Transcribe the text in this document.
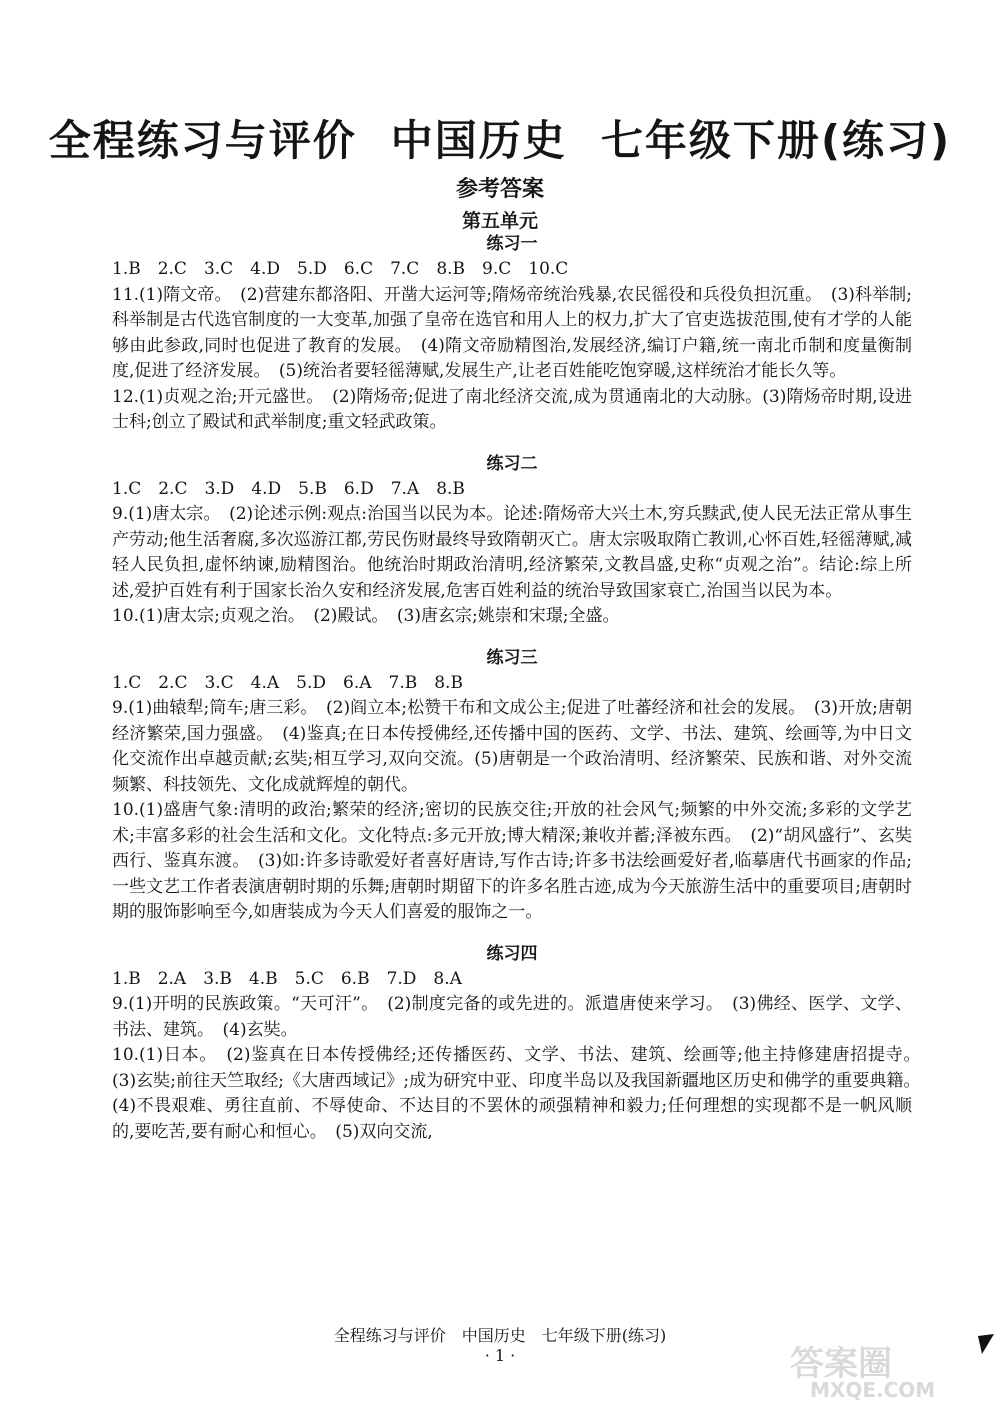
全程练习与评价 中国历史 七年级下册(练习)
参考答案
第五单元

练习一

1.B　2.C　3.C　4.D　5.D　6.C　7.C　8.B　9.C　10.C

11.(1)隋文帝。　(2)营建东都洛阳、开凿大运河等;隋炀帝统治残暴,农民徭役和兵役负担沉重。　(3)科举制;科举制是古代选官制度的一大变革,加强了皇帝在选官和用人上的权力,扩大了官吏选拔范围,使有才学的人能够由此参政,同时也促进了教育的发展。　(4)隋文帝励精图治,发展经济,编订户籍,统一南北币制和度量衡制度,促进了经济发展。　(5)统治者要轻徭薄赋,发展生产,让老百姓能吃饱穿暖,这样统治才能长久等。

12.(1)贞观之治;开元盛世。　(2)隋炀帝;促进了南北经济交流,成为贯通南北的大动脉。(3)隋炀帝时期,设进士科;创立了殿试和武举制度;重文轻武政策。

练习二

1.C　2.C　3.D　4.D　5.B　6.D　7.A　8.B

9.(1)唐太宗。　(2)论述示例:观点:治国当以民为本。论述:隋炀帝大兴土木,穷兵黩武,使人民无法正常从事生产劳动;他生活奢腐,多次巡游江都,劳民伤财最终导致隋朝灭亡。唐太宗吸取隋亡教训,心怀百姓,轻徭薄赋,减轻人民负担,虚怀纳谏,励精图治。他统治时期政治清明,经济繁荣,文教昌盛,史称“贞观之治”。结论:综上所述,爱护百姓有利于国家长治久安和经济发展,危害百姓利益的统治导致国家衰亡,治国当以民为本。

10.(1)唐太宗;贞观之治。　(2)殿试。　(3)唐玄宗;姚崇和宋璟;全盛。

练习三

1.C　2.C　3.C　4.A　5.D　6.A　7.B　8.B

9.(1)曲辕犁;筒车;唐三彩。　(2)阎立本;松赞干布和文成公主;促进了吐蕃经济和社会的发展。　(3)开放;唐朝经济繁荣,国力强盛。　(4)鉴真;在日本传授佛经,还传播中国的医药、文学、书法、建筑、绘画等,为中日文化交流作出卓越贡献;玄奘;相互学习,双向交流。(5)唐朝是一个政治清明、经济繁荣、民族和谐、对外交流频繁、科技领先、文化成就辉煌的朝代。

10.(1)盛唐气象:清明的政治;繁荣的经济;密切的民族交往;开放的社会风气;频繁的中外交流;多彩的文学艺术;丰富多彩的社会生活和文化。文化特点:多元开放;博大精深;兼收并蓄;泽被东西。　(2)“胡风盛行”、玄奘西行、鉴真东渡。　(3)如:许多诗歌爱好者喜好唐诗,写作古诗;许多书法绘画爱好者,临摹唐代书画家的作品;一些文艺工作者表演唐朝时期的乐舞;唐朝时期留下的许多名胜古迹,成为今天旅游生活中的重要项目;唐朝时期的服饰影响至今,如唐装成为今天人们喜爱的服饰之一。

练习四

1.B　2.A　3.B　4.B　5.C　6.B　7.D　8.A

9.(1)开明的民族政策。“天可汗”。　(2)制度完备的或先进的。派遣唐使来学习。　(3)佛经、医学、文学、书法、建筑。　(4)玄奘。

10.(1)日本。　(2)鉴真在日本传授佛经;还传播医药、文学、书法、建筑、绘画等;他主持修建唐招提寺。　(3)玄奘;前往天竺取经;《大唐西域记》;成为研究中亚、印度半岛以及我国新疆地区历史和佛学的重要典籍。　(4)不畏艰难、勇往直前、不辱使命、不达目的不罢休的顽强精神和毅力;任何理想的实现都不是一帆风顺的,要吃苦,要有耐心和恒心。　(5)双向交流,

全程练习与评价　中国历史　七年级下册(练习)
· 1 ·	答案圈
MXQE.COM
